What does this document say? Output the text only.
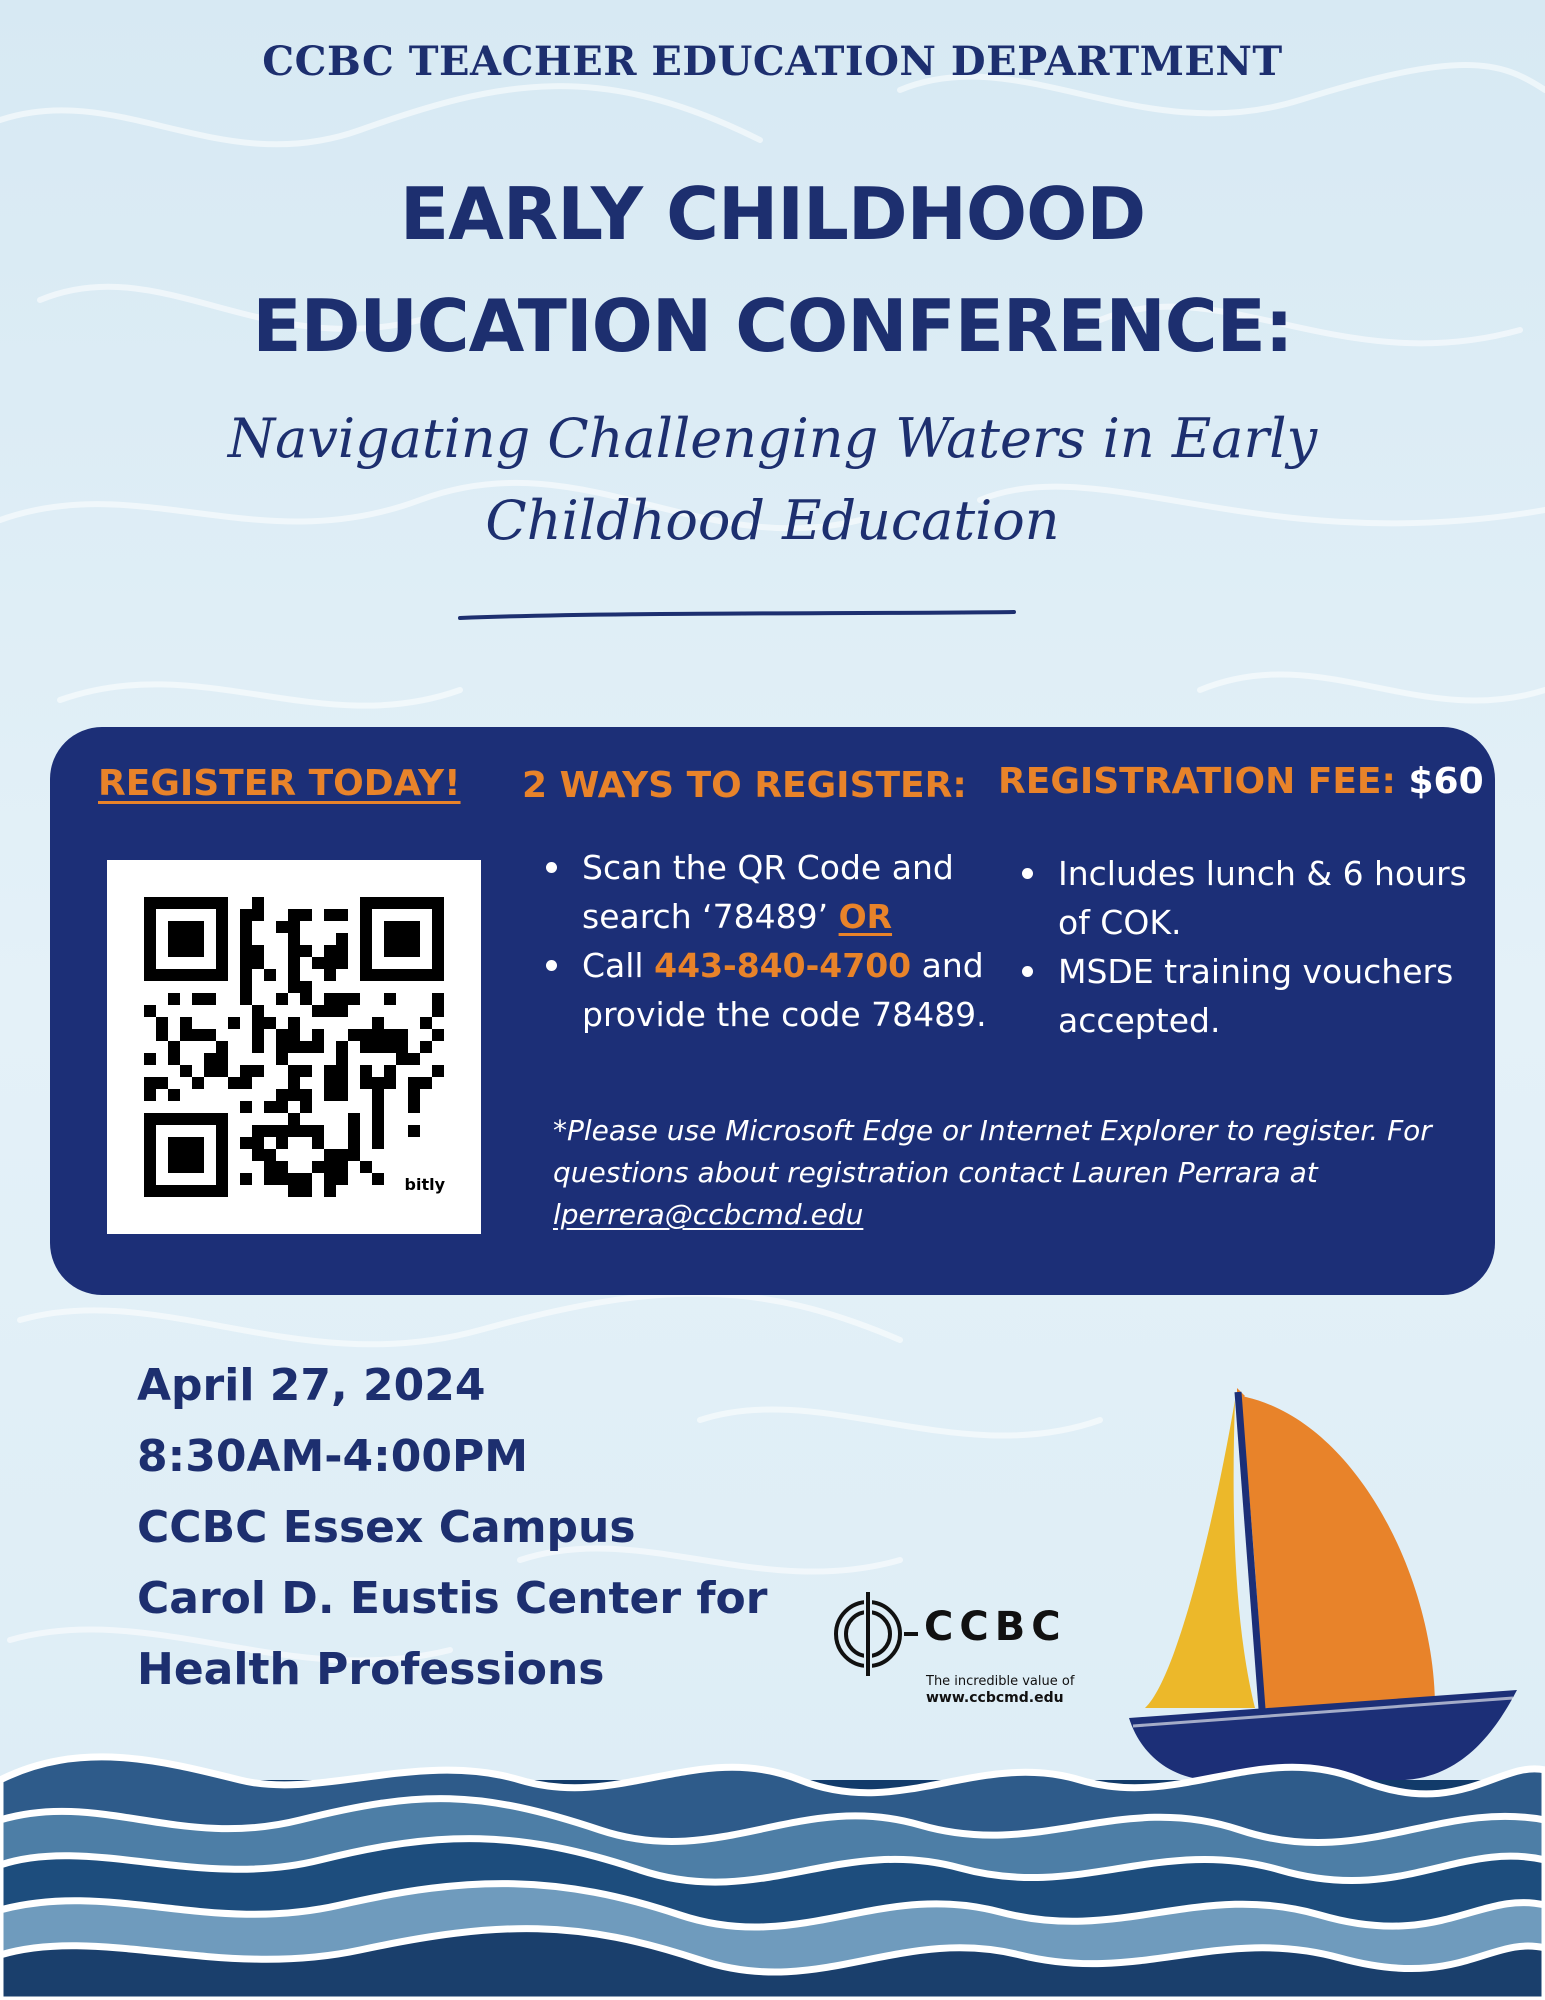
CCBC TEACHER EDUCATION DEPARTMENT
EARLY CHILDHOOD
EDUCATION CONFERENCE:
Navigating Challenging Waters in Early
Childhood Education
REGISTER TODAY! 2 WAYS TO REGISTER: REGISTRATION FEE: $60
bitly
Scan the QR Code and search ‘78489’ OR
Call 443-840-4700 and provide the code 78489.
Includes lunch & 6 hours of COK.
MSDE training vouchers accepted.
*Please use Microsoft Edge or Internet Explorer to register. For questions about registration contact Lauren Perrara at lperrera@ccbcmd.edu
April 27, 2024
8:30AM-4:00PM
CCBC Essex Campus
Carol D. Eustis Center for
Health Professions
CCBC
The incredible value of
www.ccbcmd.edu
